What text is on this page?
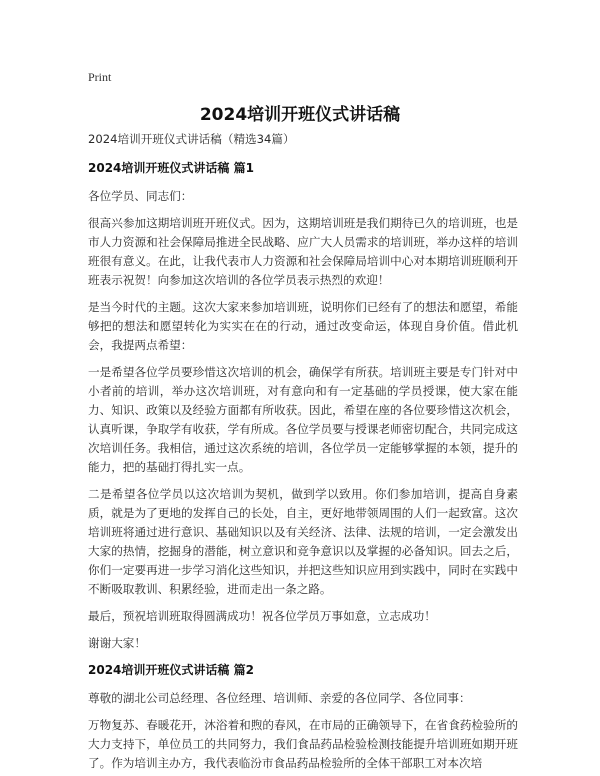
Print
2024培训开班仪式讲话稿

2024培训开班仪式讲话稿（精选34篇）

2024培训开班仪式讲话稿 篇1

各位学员、同志们：

很高兴参加这期培训班开班仪式。因为，这期培训班是我们期待已久的培训班，也是市人力资源和社会保障局推进全民战略、应广大人员需求的培训班，举办这样的培训班很有意义。在此，让我代表市人力资源和社会保障局培训中心对本期培训班顺利开班表示祝贺！向参加这次培训的各位学员表示热烈的欢迎！

是当今时代的主题。这次大家来参加培训班，说明你们已经有了的想法和愿望，希能够把的想法和愿望转化为实实在在的行动，通过改变命运，体现自身价值。借此机会，我提两点希望：

一是希望各位学员要珍惜这次培训的机会，确保学有所获。培训班主要是专门针对中小者前的培训，举办这次培训班，对有意向和有一定基础的学员授课，使大家在能力、知识、政策以及经验方面都有所收获。因此，希望在座的各位要珍惜这次机会，认真听课，争取学有收获，学有所成。各位学员要与授课老师密切配合，共同完成这次培训任务。我相信，通过这次系统的培训，各位学员一定能够掌握的本领，提升的能力，把的基础打得扎实一点。

二是希望各位学员以这次培训为契机，做到学以致用。你们参加培训，提高自身素质，就是为了更地的发挥自己的长处，自主，更好地带领周围的人们一起致富。这次培训班将通过进行意识、基础知识以及有关经济、法律、法规的培训，一定会激发出大家的热情，挖掘身的潜能，树立意识和竞争意识以及掌握的必备知识。回去之后，你们一定要再进一步学习消化这些知识，并把这些知识应用到实践中，同时在实践中不断吸取教训、积累经验，进而走出一条之路。

最后，预祝培训班取得圆满成功！祝各位学员万事如意，立志成功！

谢谢大家！

2024培训开班仪式讲话稿 篇2

尊敬的湖北公司总经理、各位经理、培训师、亲爱的各位同学、各位同事：

万物复苏、春暖花开，沐浴着和煦的春风，在市局的正确领导下，在省食药检验所的大力支持下，单位员工的共同努力，我们食品药品检验检测技能提升培训班如期开班了。作为培训主办方，我代表临汾市食品药品检验所的全体干部职工对本次培
